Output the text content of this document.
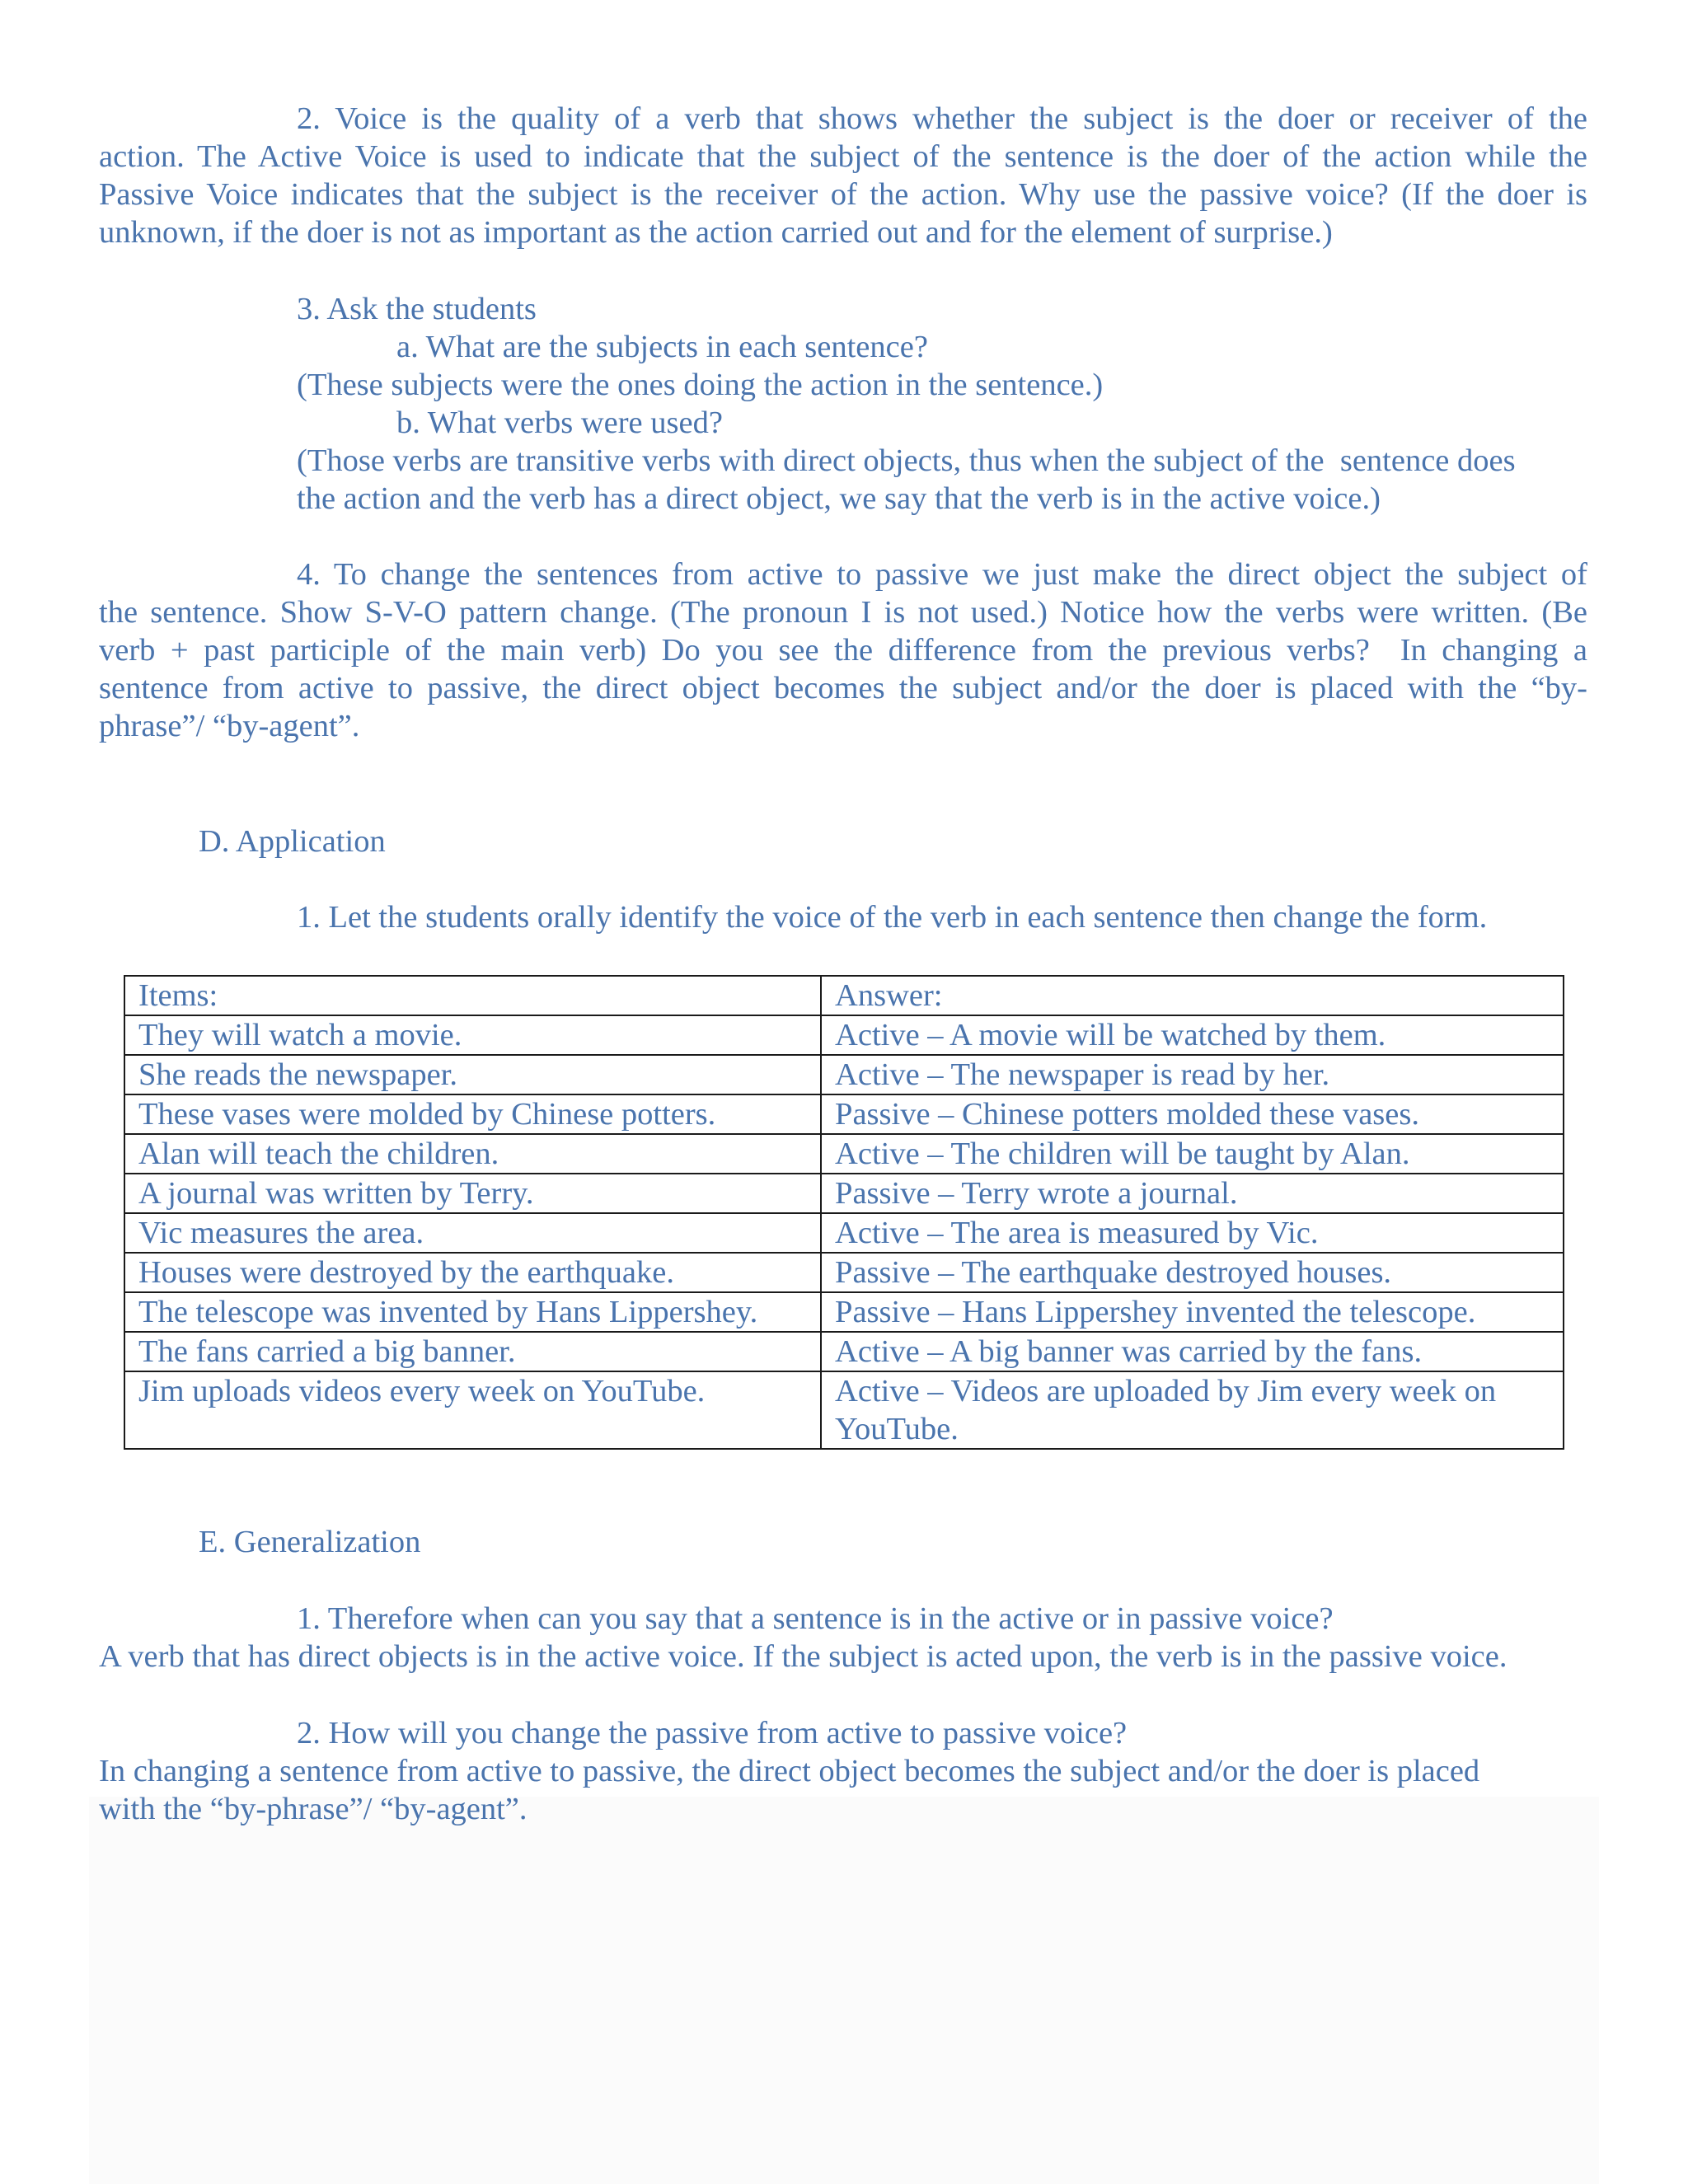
2. Voice is the quality of a verb that shows whether the subject is the doer or receiver of the
action. The Active Voice is used to indicate that the subject of the sentence is the doer of the action while the
Passive Voice indicates that the subject is the receiver of the action. Why use the passive voice? (If the doer is
unknown, if the doer is not as important as the action carried out and for the element of surprise.)
3. Ask the students
a. What are the subjects in each sentence?
(These subjects were the ones doing the action in the sentence.)
b. What verbs were used?
(Those verbs are transitive verbs with direct objects, thus when the subject of the  sentence does
the action and the verb has a direct object, we say that the verb is in the active voice.)
4. To change the sentences from active to passive we just make the direct object the subject of
the sentence. Show S-V-O pattern change. (The pronoun I is not used.) Notice how the verbs were written. (Be
verb + past participle of the main verb) Do you see the difference from the previous verbs?  In changing a
sentence from active to passive, the direct object becomes the subject and/or the doer is placed with the “by-
phrase”/ “by-agent”.
D. Application
1. Let the students orally identify the voice of the verb in each sentence then change the form.
Items:	Answer:
They will watch a movie.	Active – A movie will be watched by them.
She reads the newspaper.	Active – The newspaper is read by her.
These vases were molded by Chinese potters.	Passive – Chinese potters molded these vases.
Alan will teach the children.	Active – The children will be taught by Alan.
A journal was written by Terry.	Passive – Terry wrote a journal.
Vic measures the area.	Active – The area is measured by Vic.
Houses were destroyed by the earthquake.	Passive – The earthquake destroyed houses.
The telescope was invented by Hans Lippershey.	Passive – Hans Lippershey invented the telescope.
The fans carried a big banner.	Active – A big banner was carried by the fans.
Jim uploads videos every week on YouTube.	Active – Videos are uploaded by Jim every week on YouTube.
E. Generalization
1. Therefore when can you say that a sentence is in the active or in passive voice?
A verb that has direct objects is in the active voice. If the subject is acted upon, the verb is in the passive voice.
2. How will you change the passive from active to passive voice?
In changing a sentence from active to passive, the direct object becomes the subject and/or the doer is placed
with the “by-phrase”/ “by-agent”.
